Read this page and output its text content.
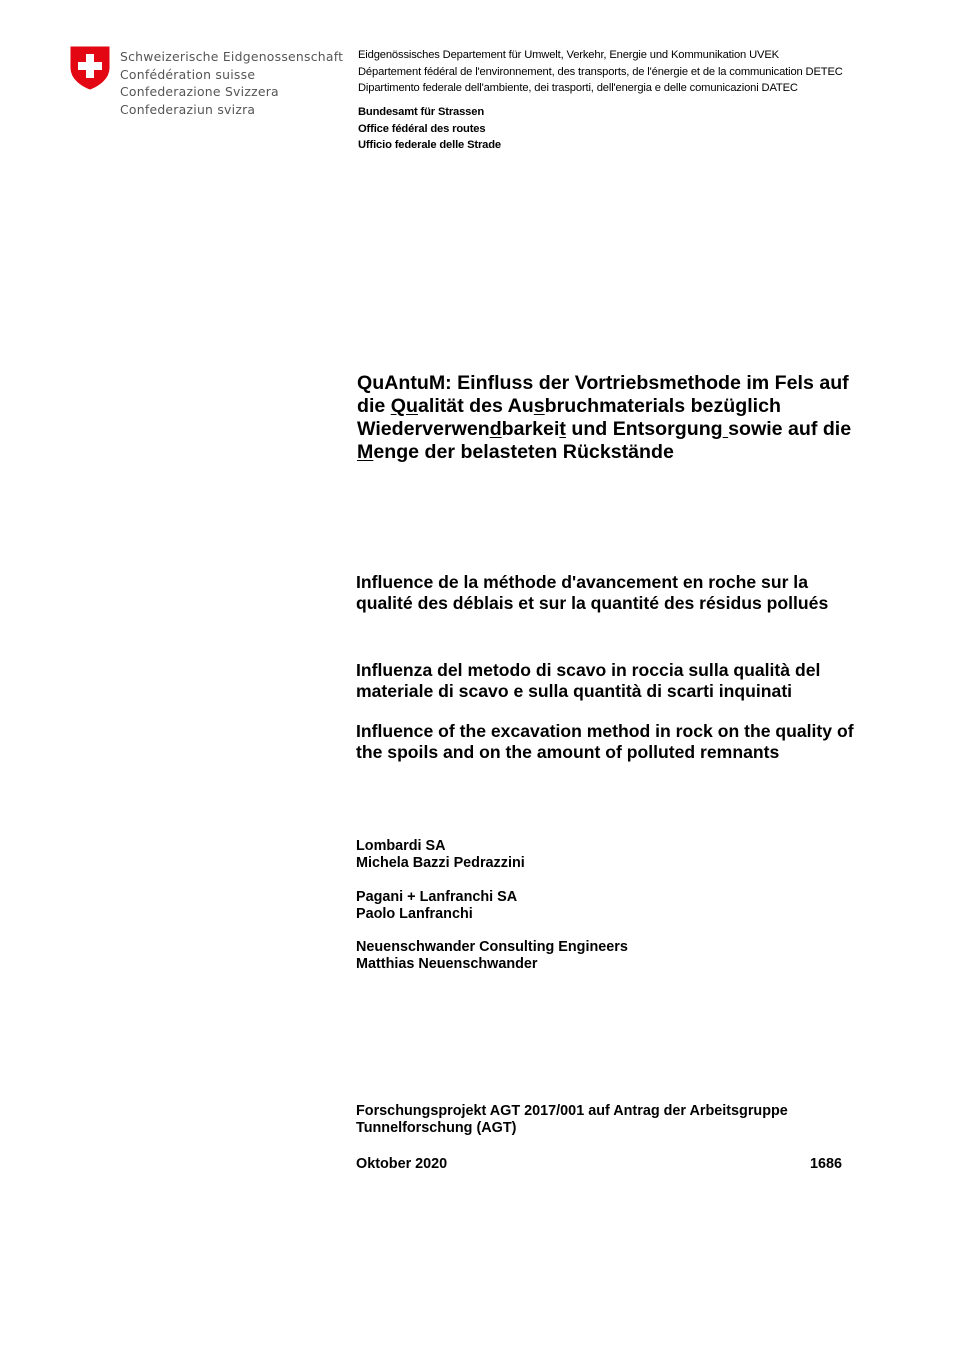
Schweizerische Eidgenossenschaft
Confédération suisse
Confederazione Svizzera
Confederaziun svizra
Eidgenössisches Departement für Umwelt, Verkehr, Energie und Kommunikation UVEK
Département fédéral de l'environnement, des transports, de l'énergie et de la communication DETEC
Dipartimento federale dell'ambiente, dei trasporti, dell'energia e delle comunicazioni DATEC
Bundesamt für Strassen
Office fédéral des routes
Ufficio federale delle Strade
QuAntuM: Einfluss der Vortriebsmethode im Fels auf
die Qualität des Ausbruchmaterials bezüglich
Wiederverwendbarkeit und Entsorgung sowie auf die
Menge der belasteten Rückstände
Influence de la méthode d'avancement en roche sur la
qualité des déblais et sur la quantité des résidus pollués
Influenza del metodo di scavo in roccia sulla qualità del
materiale di scavo e sulla quantità di scarti inquinati
Influence of the excavation method in rock on the quality of
the spoils and on the amount of polluted remnants
Lombardi SA
Michela Bazzi Pedrazzini
Pagani + Lanfranchi SA
Paolo Lanfranchi
Neuenschwander Consulting Engineers
Matthias Neuenschwander
Forschungsprojekt AGT 2017/001 auf Antrag der Arbeitsgruppe
Tunnelforschung (AGT)
Oktober 2020	1686
